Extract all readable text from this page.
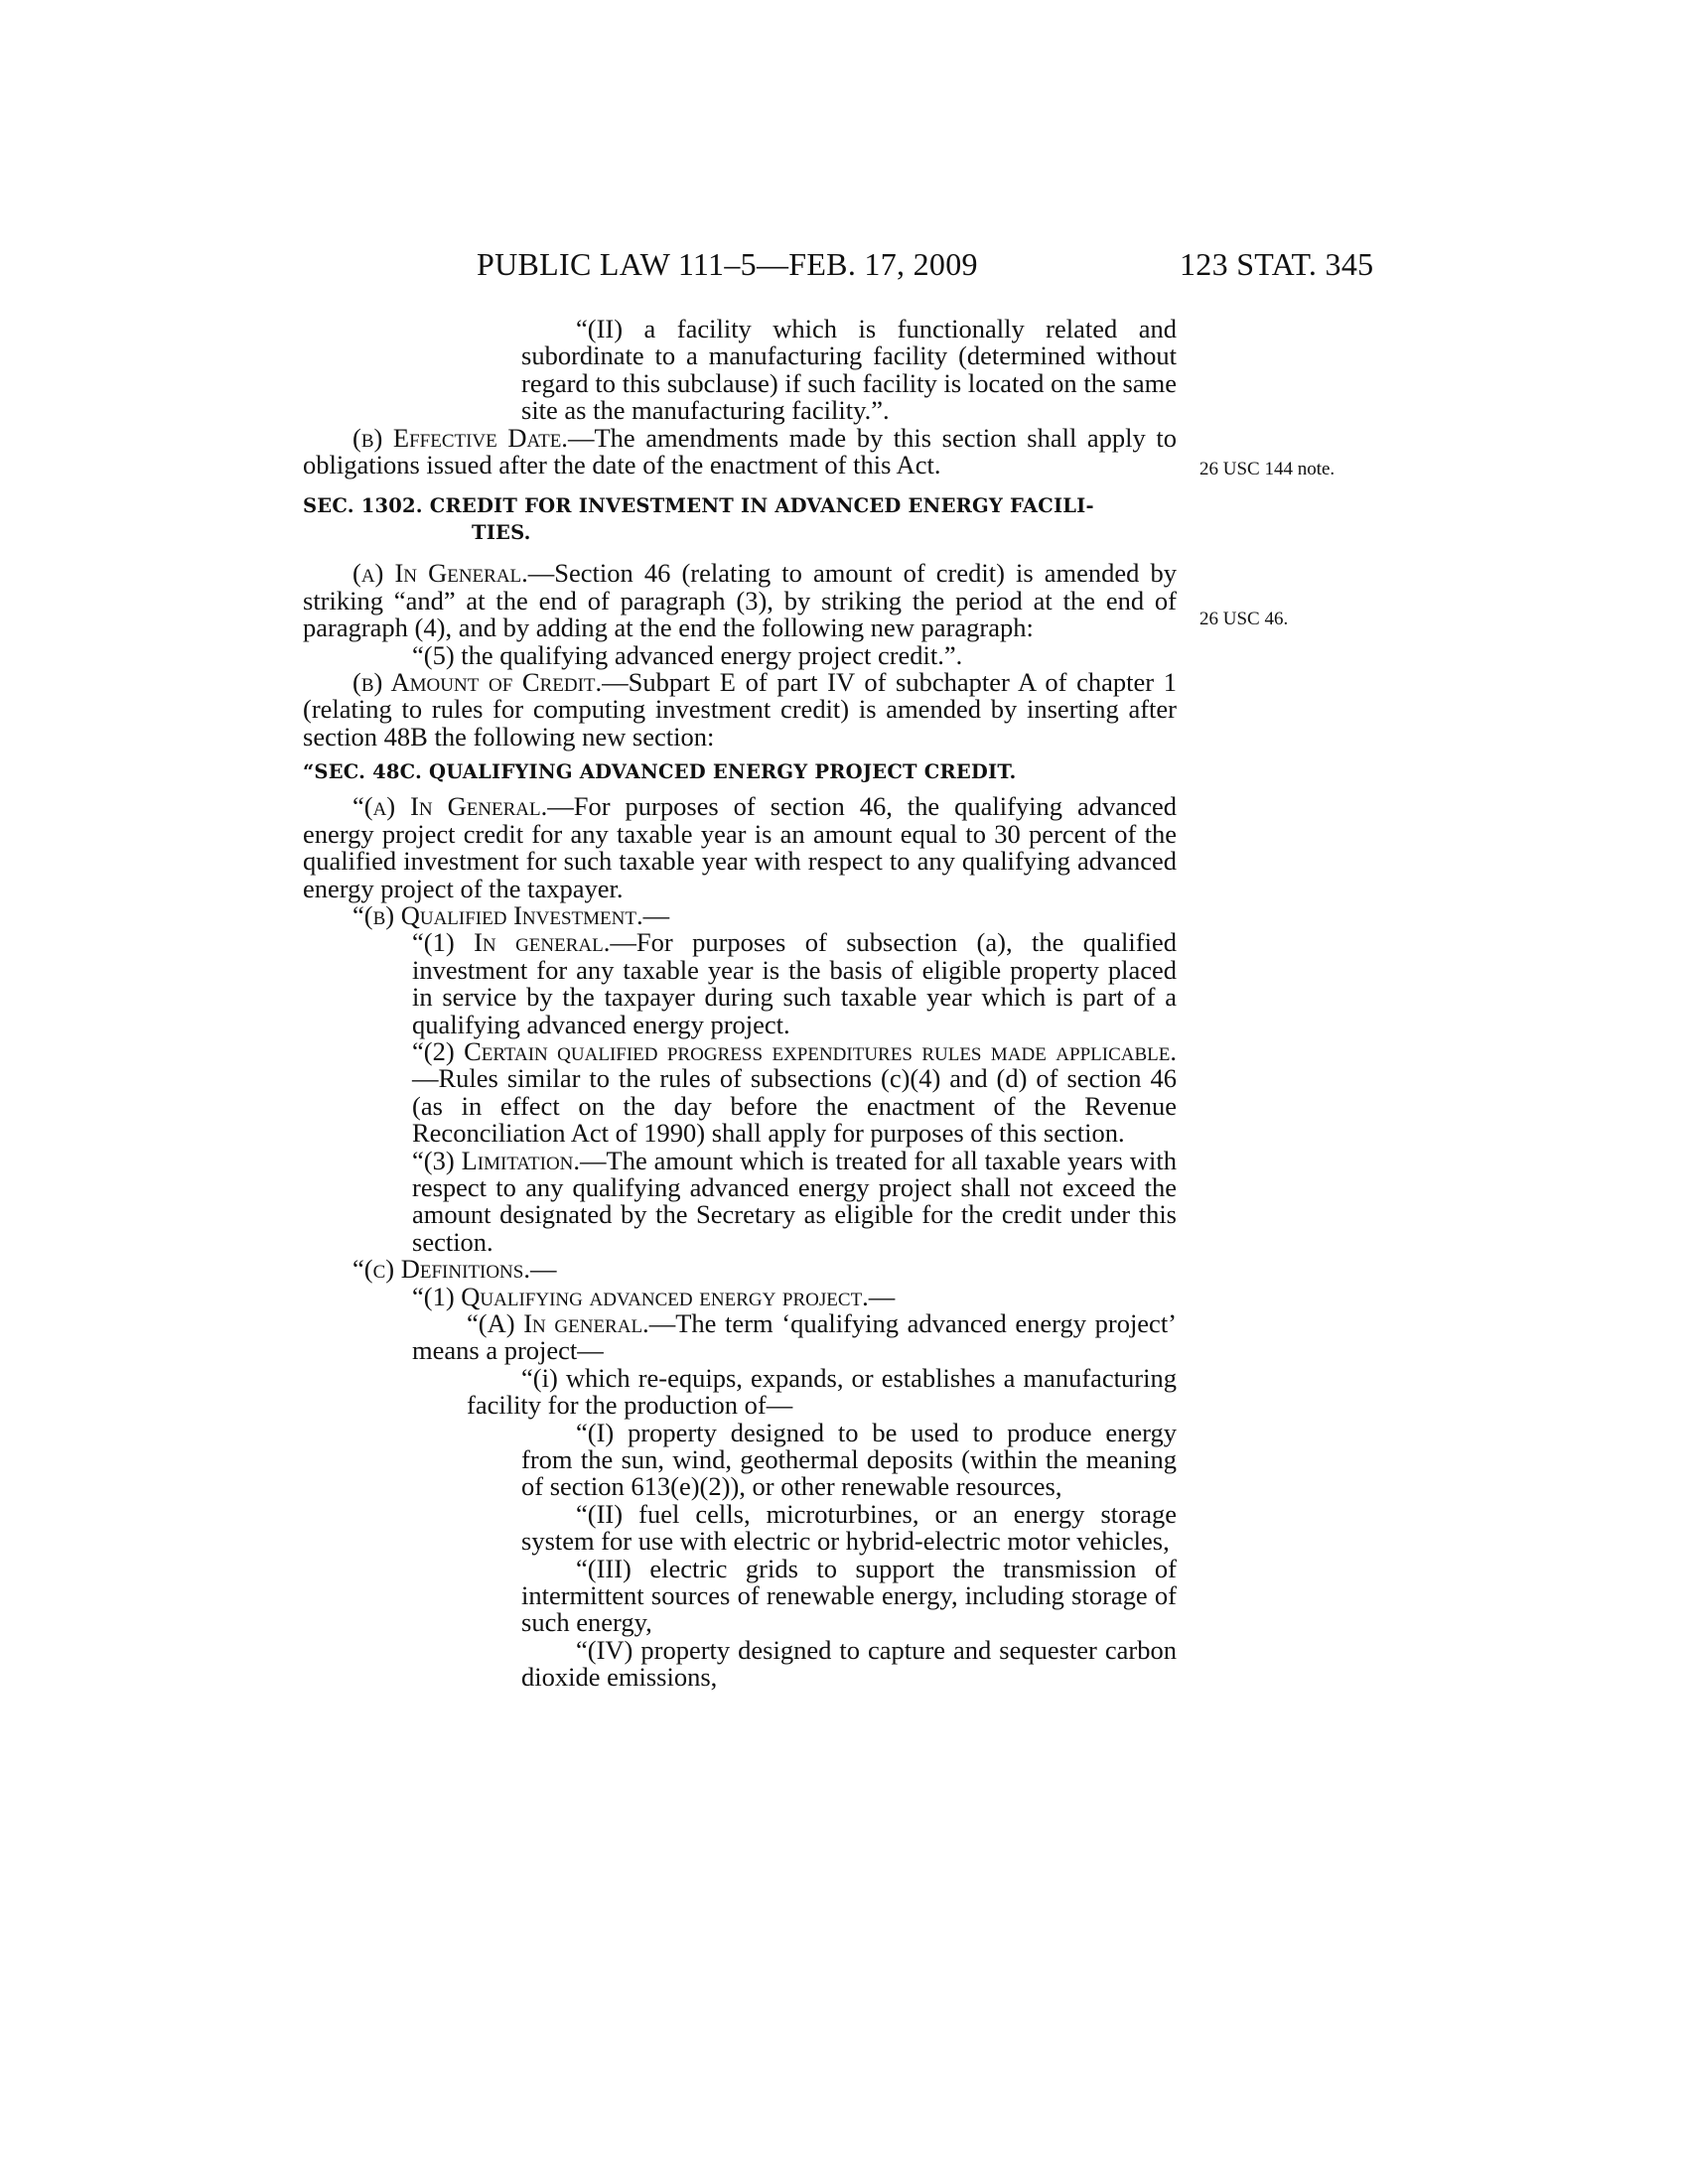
PUBLIC LAW 111–5—FEB. 17, 2009	123 STAT. 345
26 USC 144 note.
26 USC 46.

“(II) a facility which is functionally related and subordinate to a manufacturing facility (determined without regard to this subclause) if such facility is located on the same site as the manufacturing facility.”.

(b) Effective Date.—The amendments made by this section shall apply to obligations issued after the date of the enactment of this Act.

SEC. 1302. CREDIT FOR INVESTMENT IN ADVANCED ENERGY FACILI-
TIES.

(a) In General.—Section 46 (relating to amount of credit) is amended by striking “and” at the end of paragraph (3), by striking the period at the end of paragraph (4), and by adding at the end the following new paragraph:

“(5) the qualifying advanced energy project credit.”.

(b) Amount of Credit.—Subpart E of part IV of subchapter A of chapter 1 (relating to rules for computing investment credit) is amended by inserting after section 48B the following new section:

“SEC. 48C. QUALIFYING ADVANCED ENERGY PROJECT CREDIT.

“(a) In General.—For purposes of section 46, the qualifying advanced energy project credit for any taxable year is an amount equal to 30 percent of the qualified investment for such taxable year with respect to any qualifying advanced energy project of the taxpayer.

“(b) Qualified Investment.—

“(1) In general.—For purposes of subsection (a), the qualified investment for any taxable year is the basis of eligible property placed in service by the taxpayer during such taxable year which is part of a qualifying advanced energy project.

“(2) Certain qualified progress expenditures rules made applicable.—Rules similar to the rules of subsections (c)(4) and (d) of section 46 (as in effect on the day before the enactment of the Revenue Reconciliation Act of 1990) shall apply for purposes of this section.

“(3) Limitation.—The amount which is treated for all taxable years with respect to any qualifying advanced energy project shall not exceed the amount designated by the Secretary as eligible for the credit under this section.

“(c) Definitions.—

“(1) Qualifying advanced energy project.—

“(A) In general.—The term ‘qualifying advanced energy project’ means a project—

“(i) which re-equips, expands, or establishes a manufacturing facility for the production of—

“(I) property designed to be used to produce energy from the sun, wind, geothermal deposits (within the meaning of section 613(e)(2)), or other renewable resources,

“(II) fuel cells, microturbines, or an energy storage system for use with electric or hybrid-electric motor vehicles,

“(III) electric grids to support the transmission of intermittent sources of renewable energy, including storage of such energy,

“(IV) property designed to capture and sequester carbon dioxide emissions,
